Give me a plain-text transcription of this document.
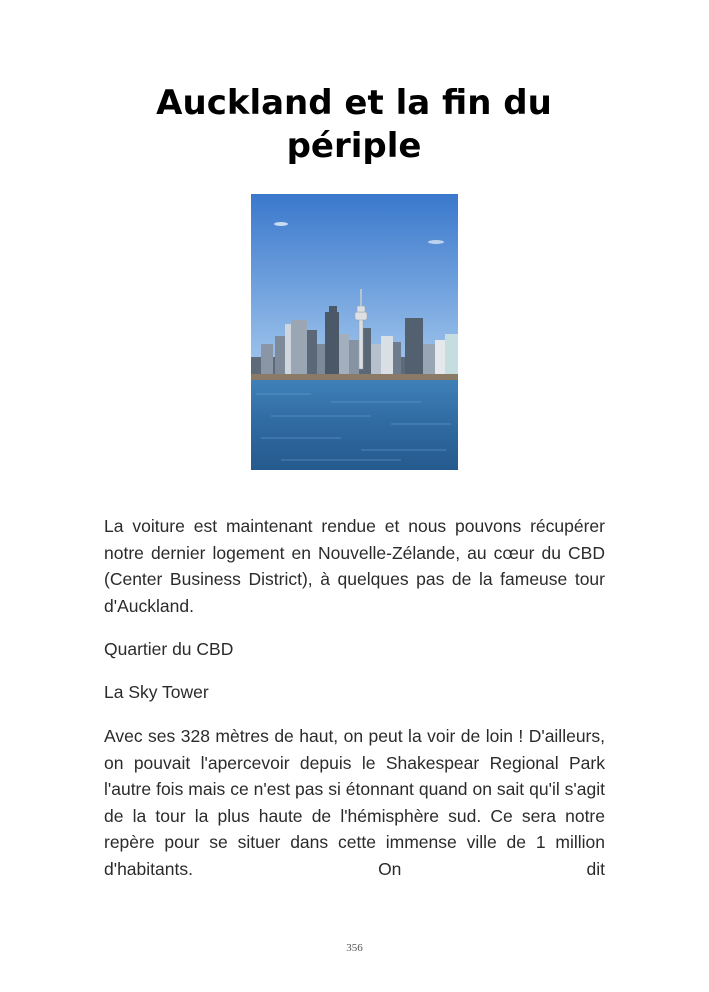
Auckland et la fin du périple

La voiture est maintenant rendue et nous pouvons récupérer notre dernier logement en Nouvelle-Zélande, au cœur du CBD (Center Business District), à quelques pas de la fameuse tour d'Auckland.

Quartier du CBD

La Sky Tower

Avec ses 328 mètres de haut, on peut la voir de loin ! D'ailleurs, on pouvait l'apercevoir depuis le Shakespear Regional Park l'autre fois mais ce n'est pas si étonnant quand on sait qu'il s'agit de la tour la plus haute de l'hémisphère sud. Ce sera notre repère pour se situer dans cette immense ville de 1 million d'habitants. On dit

356
